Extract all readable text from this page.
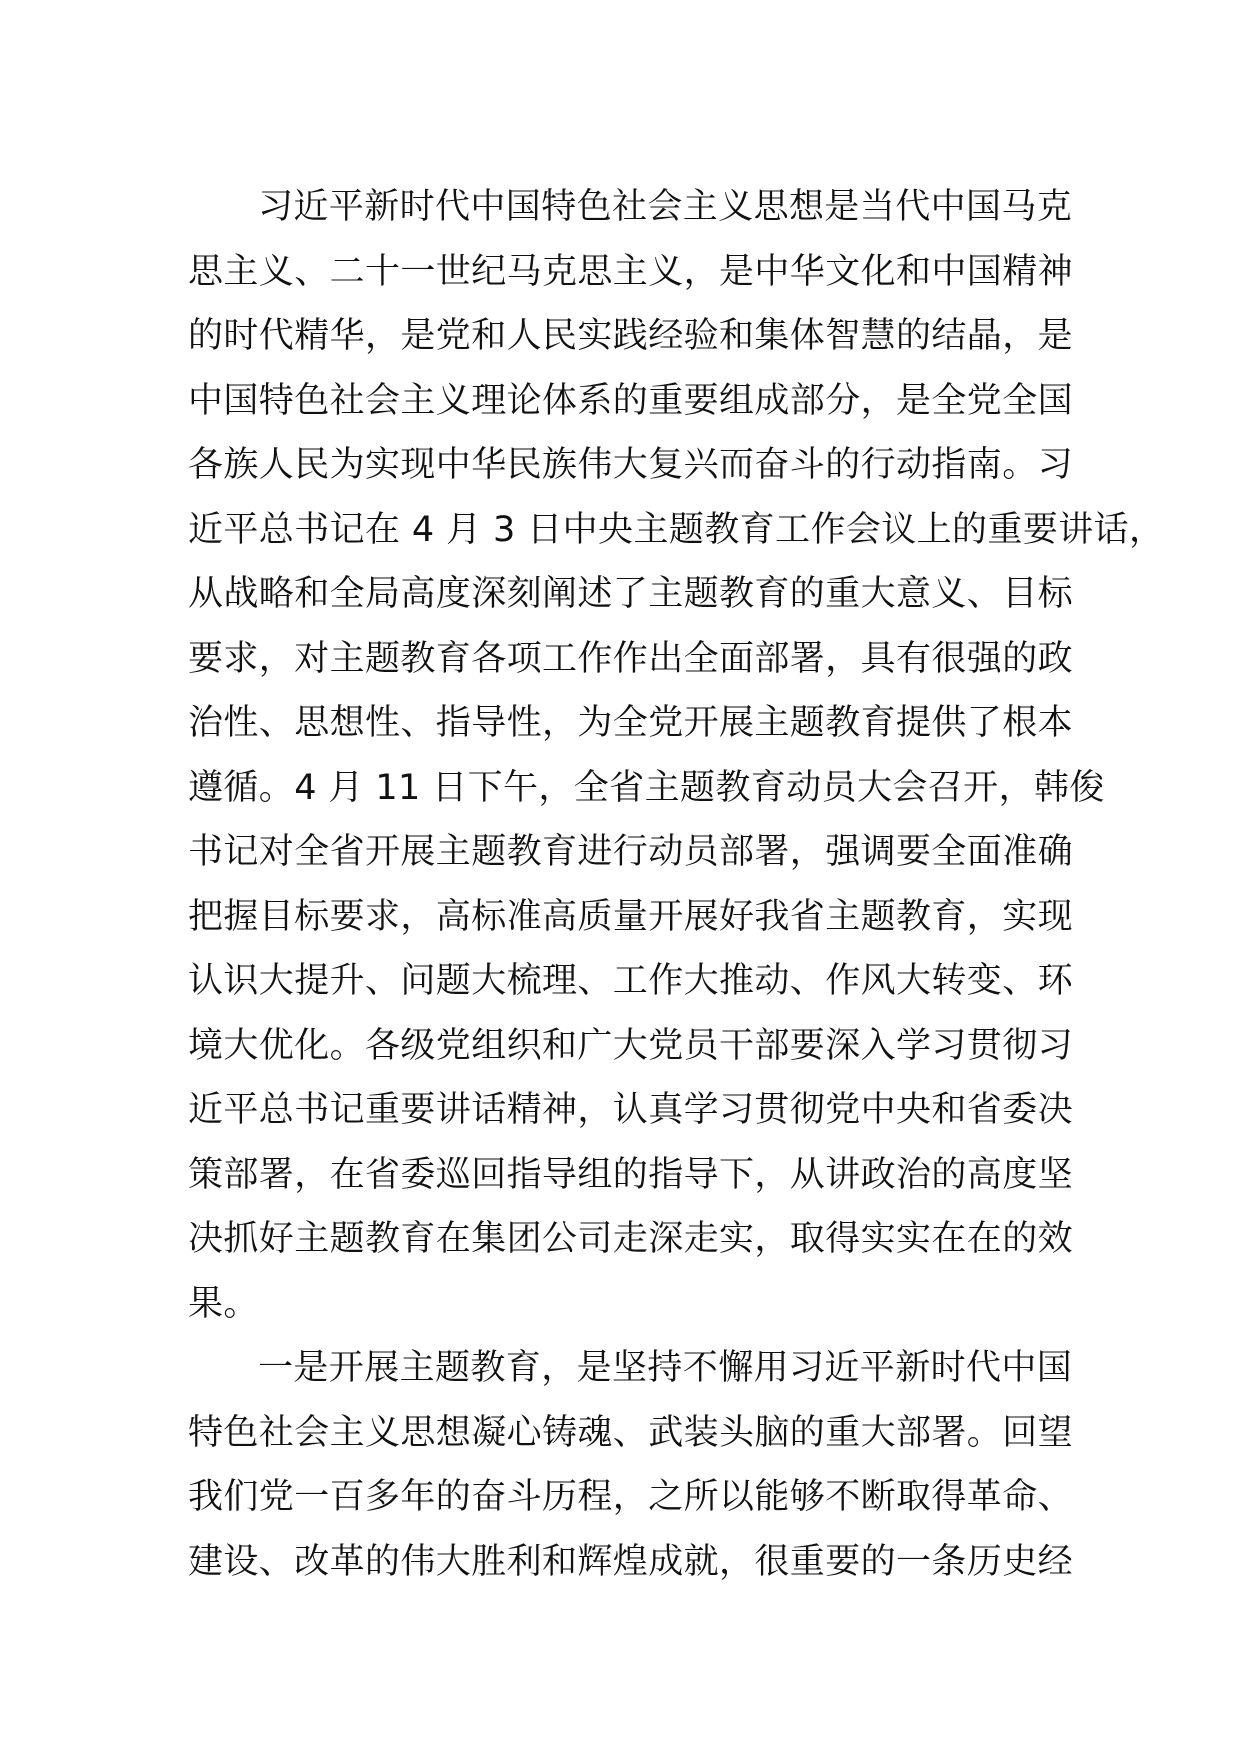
习近平新时代中国特色社会主义思想是当代中国马克
思主义、二十一世纪马克思主义，是中华文化和中国精神
的时代精华，是党和人民实践经验和集体智慧的结晶，是
中国特色社会主义理论体系的重要组成部分，是全党全国
各族人民为实现中华民族伟大复兴而奋斗的行动指南。习
近平总书记在 4 月 3 日中央主题教育工作会议上的重要讲话，
从战略和全局高度深刻阐述了主题教育的重大意义、目标
要求，对主题教育各项工作作出全面部署，具有很强的政
治性、思想性、指导性，为全党开展主题教育提供了根本
遵循。4 月 11 日下午，全省主题教育动员大会召开，韩俊
书记对全省开展主题教育进行动员部署，强调要全面准确
把握目标要求，高标准高质量开展好我省主题教育，实现
认识大提升、问题大梳理、工作大推动、作风大转变、环
境大优化。各级党组织和广大党员干部要深入学习贯彻习
近平总书记重要讲话精神，认真学习贯彻党中央和省委决
策部署，在省委巡回指导组的指导下，从讲政治的高度坚
决抓好主题教育在集团公司走深走实，取得实实在在的效
果。
一是开展主题教育，是坚持不懈用习近平新时代中国
特色社会主义思想凝心铸魂、武装头脑的重大部署。回望
我们党一百多年的奋斗历程，之所以能够不断取得革命、
建设、改革的伟大胜利和辉煌成就，很重要的一条历史经
